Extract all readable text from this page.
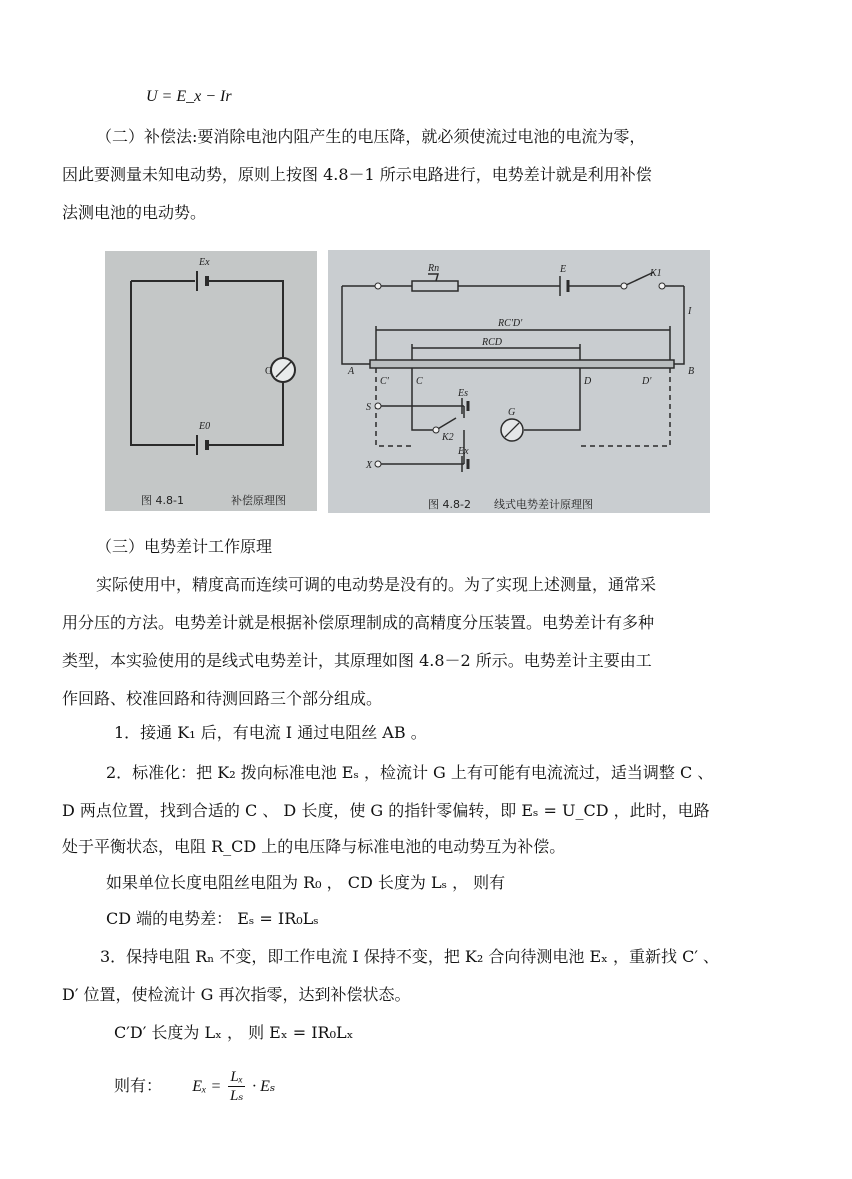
U = E_x − Ir
（二）补偿法:要消除电池内阻产生的电压降，就必须使流过电池的电流为零，
因此要测量未知电动势，原则上按图 4.8－1 所示电路进行，电势差计就是利用补偿
法测电池的电动势。
Ex
G
E0
图 4.8-1	补偿原理图
Rn	E	K1
I
RC'D'
RCD
A	B
C'	C	D	D'
S
Es
G
K2
X
Ex
图 4.8-2 线式电势差计原理图
（三）电势差计工作原理
实际使用中，精度高而连续可调的电动势是没有的。为了实现上述测量，通常采
用分压的方法。电势差计就是根据补偿原理制成的高精度分压装置。电势差计有多种
类型，本实验使用的是线式电势差计，其原理如图 4.8－2 所示。电势差计主要由工
作回路、校准回路和待测回路三个部分组成。
1．接通 K₁ 后，有电流 I 通过电阻丝 AB 。
2．标准化：把 K₂ 拨向标准电池 Eₛ ，检流计 G 上有可能有电流流过，适当调整 C 、
D 两点位置，找到合适的 C 、 D 长度，使 G 的指针零偏转，即 Eₛ = U_CD ，此时，电路
处于平衡状态，电阻 R_CD 上的电压降与标准电池的电动势互为补偿。
如果单位长度电阻丝电阻为 R₀ ， CD 长度为 Lₛ ， 则有
CD 端的电势差： Eₛ = IR₀Lₛ
3．保持电阻 Rₙ 不变，即工作电流 I 保持不变，把 K₂ 合向待测电池 Eₓ ，重新找 C′ 、
D′ 位置，使检流计 G 再次指零，达到补偿状态。
C′D′ 长度为 Lₓ ， 则 Eₓ = IR₀Lₓ
则有： $E_x = \frac{\text{Lₓ}}{\text{Lₛ}} \cdot E_s$
